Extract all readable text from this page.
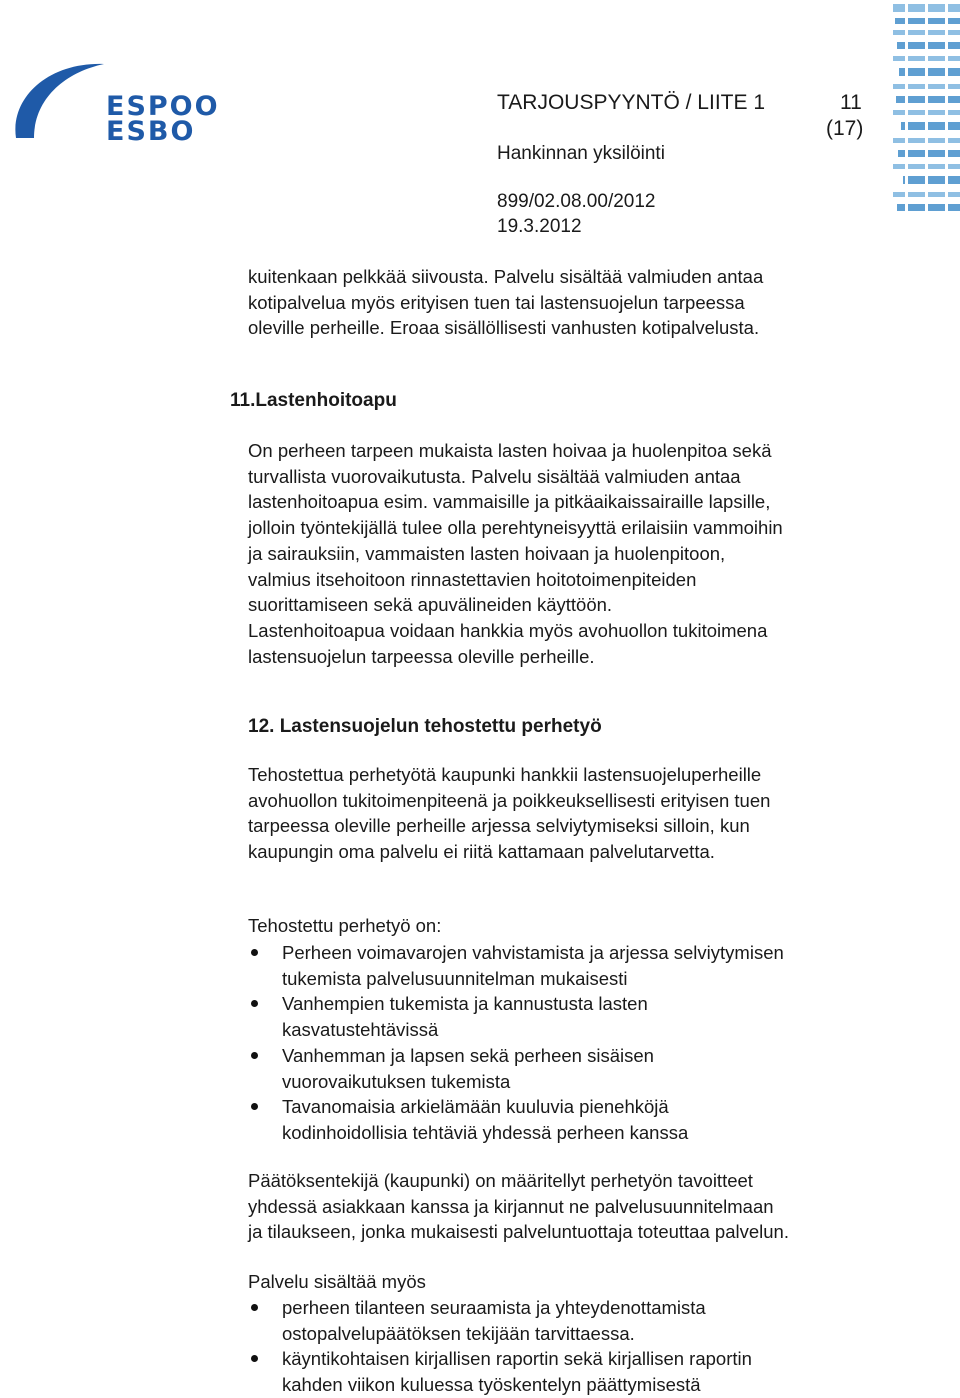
ESPOO
ESBO
TARJOUSPYYNTÖ / LIITE 1	11
(17)
Hankinnan yksilöinti
899/02.08.00/2012
19.3.2012
kuitenkaan pelkkää siivousta. Palvelu sisältää valmiuden antaa
kotipalvelua myös erityisen tuen tai lastensuojelun tarpeessa
oleville perheille. Eroaa sisällöllisesti vanhusten kotipalvelusta.
11.Lastenhoitoapu
On perheen tarpeen mukaista lasten hoivaa ja huolenpitoa sekä
turvallista vuorovaikutusta. Palvelu sisältää valmiuden antaa
lastenhoitoapua esim. vammaisille ja pitkäaikaissairaille lapsille,
jolloin työntekijällä tulee olla perehtyneisyyttä erilaisiin vammoihin
ja sairauksiin, vammaisten lasten hoivaan ja huolenpitoon,
valmius itsehoitoon rinnastettavien hoitotoimenpiteiden
suorittamiseen sekä apuvälineiden käyttöön.
Lastenhoitoapua voidaan hankkia myös avohuollon tukitoimena
lastensuojelun tarpeessa oleville perheille.
12. Lastensuojelun tehostettu perhetyö
Tehostettua perhetyötä kaupunki hankkii lastensuojeluperheille
avohuollon tukitoimenpiteenä ja poikkeuksellisesti erityisen tuen
tarpeessa oleville perheille arjessa selviytymiseksi silloin, kun
kaupungin oma palvelu ei riitä kattamaan palvelutarvetta.
Tehostettu perhetyö on:
Perheen voimavarojen vahvistamista ja arjessa selviytymisen
tukemista palvelusuunnitelman mukaisesti
Vanhempien tukemista ja kannustusta lasten
kasvatustehtävissä
Vanhemman ja lapsen sekä perheen sisäisen
vuorovaikutuksen tukemista
Tavanomaisia arkielämään kuuluvia pienehköjä
kodinhoidollisia tehtäviä yhdessä perheen kanssa
Päätöksentekijä (kaupunki) on määritellyt perhetyön tavoitteet
yhdessä asiakkaan kanssa ja kirjannut ne palvelusuunnitelmaan
ja tilaukseen, jonka mukaisesti palveluntuottaja toteuttaa palvelun.
Palvelu sisältää myös
perheen tilanteen seuraamista ja yhteydenottamista
ostopalvelupäätöksen tekijään tarvittaessa.
käyntikohtaisen kirjallisen raportin sekä kirjallisen raportin
kahden viikon kuluessa työskentelyn päättymisestä
